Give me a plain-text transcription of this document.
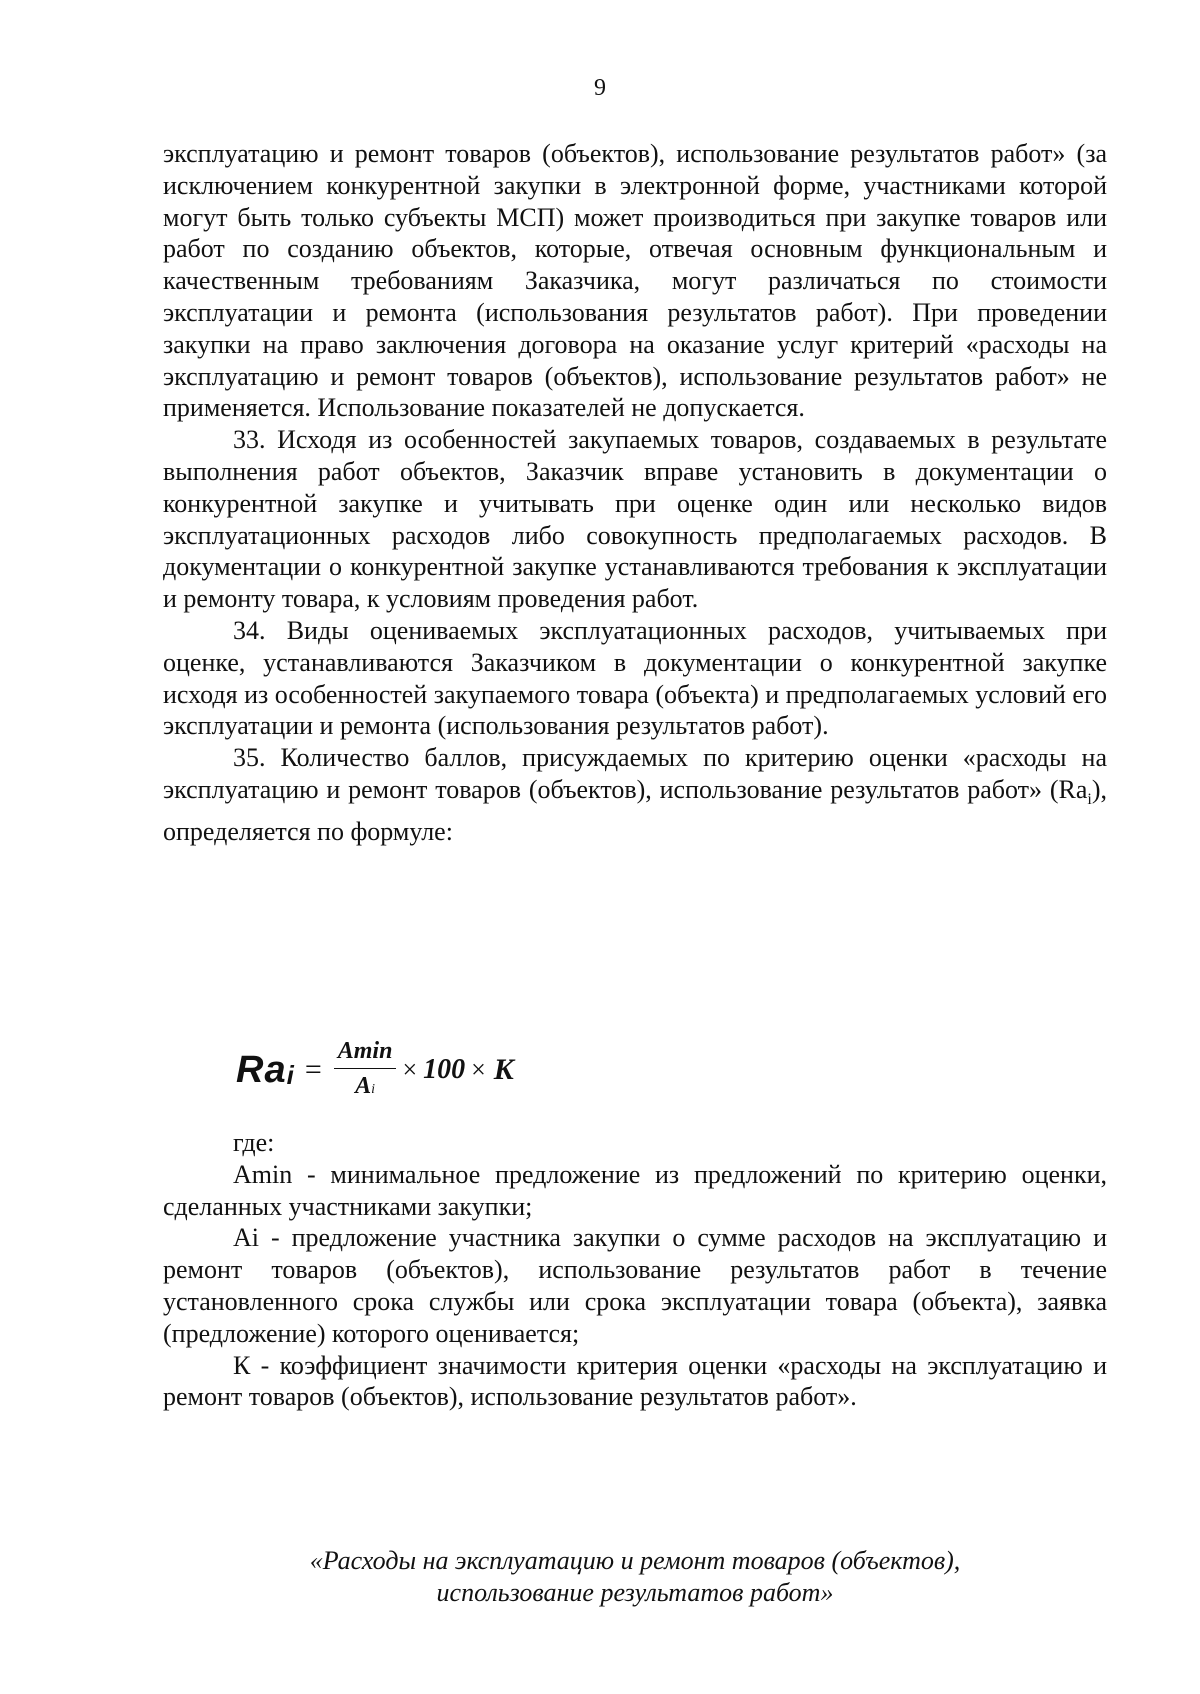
9

эксплуатацию и ремонт товаров (объектов), использование результатов работ» (за исключением конкурентной закупки в электронной форме, участниками которой могут быть только субъекты МСП) может производиться при закупке товаров или работ по созданию объектов, которые, отвечая основным функциональным и качественным требованиям Заказчика, могут различаться по стоимости эксплуатации и ремонта (использования результатов работ). При проведении закупки на право заключения договора на оказание услуг критерий «расходы на эксплуатацию и ремонт товаров (объектов), использование результатов работ» не применяется. Использование показателей не допускается.

33. Исходя из особенностей закупаемых товаров, создаваемых в результате выполнения работ объектов, Заказчик вправе установить в документации о конкурентной закупке и учитывать при оценке один или несколько видов эксплуатационных расходов либо совокупность предполагаемых расходов. В документации о конкурентной закупке устанавливаются требования к эксплуатации и ремонту товара, к условиям проведения работ.

34. Виды оцениваемых эксплуатационных расходов, учитываемых при оценке, устанавливаются Заказчиком в документации о конкурентной закупке исходя из особенностей закупаемого товара (объекта) и предполагаемых условий его эксплуатации и ремонта (использования результатов работ).

35. Количество баллов, присуждаемых по критерию оценки «расходы на эксплуатацию и ремонт товаров (объектов), использование результатов работ» $(Ra_i)$, определяется по формуле:

Rai = $\frac{Amin}{Ai} \times 100 \times K$

где:

Amin - минимальное предложение из предложений по критерию оценки, сделанных участниками закупки;

Ai - предложение участника закупки о сумме расходов на эксплуатацию и ремонт товаров (объектов), использование результатов работ в течение установленного срока службы или срока эксплуатации товара (объекта), заявка (предложение) которого оценивается;

К - коэффициент значимости критерия оценки «расходы на эксплуатацию и ремонт товаров (объектов), использование результатов работ».

«Расходы на эксплуатацию и ремонт товаров (объектов),
использование результатов работ»
